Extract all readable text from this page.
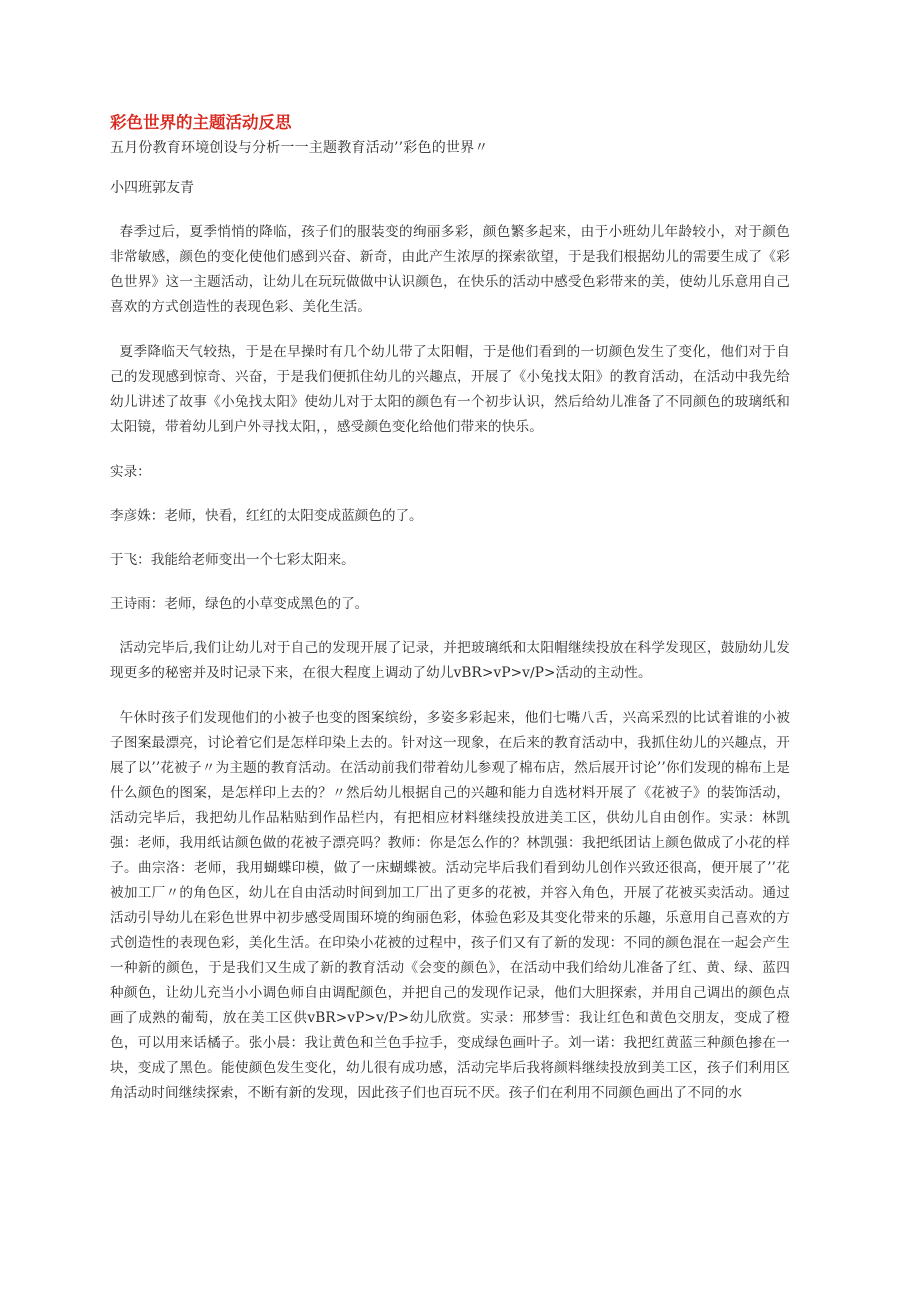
彩色世界的主题活动反思

五月份教育环境创设与分析一一主题教育活动’’彩色的世界〃

小四班郭友青

春季过后，夏季悄悄的降临，孩子们的服装变的绚丽多彩，颜色繁多起来，由于小班幼儿年龄较小，对于颜色非常敏感，颜色的变化使他们感到兴奋、新奇，由此产生浓厚的探索欲望，于是我们根据幼儿的需要生成了《彩色世界》这一主题活动，让幼儿在玩玩做做中认识颜色，在快乐的活动中感受色彩带来的美，使幼儿乐意用自己喜欢的方式创造性的表现色彩、美化生活。

夏季降临天气较热，于是在早操时有几个幼儿带了太阳帽，于是他们看到的一切颜色发生了变化，他们对于自己的发现感到惊奇、兴奋，于是我们便抓住幼儿的兴趣点，开展了《小兔找太阳》的教育活动，在活动中我先给幼儿讲述了故事《小兔找太阳》使幼儿对于太阳的颜色有一个初步认识，然后给幼儿准备了不同颜色的玻璃纸和太阳镜，带着幼儿到户外寻找太阳，，感受颜色变化给他们带来的快乐。

实录：

李彦姝：老师，快看，红红的太阳变成蓝颜色的了。

于飞：我能给老师变出一个七彩太阳来。

王诗雨：老师，绿色的小草变成黑色的了。

活动完毕后,我们让幼儿对于自己的发现开展了记录，并把玻璃纸和太阳帽继续投放在科学发现区，鼓励幼儿发现更多的秘密并及时记录下来，在很大程度上调动了幼儿vBR>vP>v∕P>活动的主动性。

午休时孩子们发现他们的小被子也变的图案缤纷，多姿多彩起来，他们七嘴八舌，兴高采烈的比试着谁的小被子图案最漂亮，讨论着它们是怎样印染上去的。针对这一现象，在后来的教育活动中，我抓住幼儿的兴趣点，开展了以’’花被子〃为主题的教育活动。在活动前我们带着幼儿参观了棉布店，然后展开讨论’’你们发现的棉布上是什么颜色的图案，是怎样印上去的？〃然后幼儿根据自己的兴趣和能力自选材料开展了《花被子》的装饰活动，活动完毕后，我把幼儿作品粘贴到作品栏内，有把相应材料继续投放进美工区，供幼儿自由创作。实录：林凯强：老师，我用纸诂颜色做的花被子漂亮吗？教师：你是怎么作的？林凯强：我把纸团诂上颜色做成了小花的样子。曲宗洛：老师，我用蝴蝶印模，做了一床蝴蝶被。活动完毕后我们看到幼儿创作兴致还很高，便开展了’’花被加工厂〃的角色区，幼儿在自由活动时间到加工厂出了更多的花被，并容入角色，开展了花被买卖活动。通过活动引导幼儿在彩色世界中初步感受周围环境的绚丽色彩，体验色彩及其变化带来的乐趣，乐意用自己喜欢的方式创造性的表现色彩，美化生活。在印染小花被的过程中，孩子们又有了新的发现：不同的颜色混在一起会产生一种新的颜色，于是我们又生成了新的教育活动《会变的颜色》，在活动中我们给幼儿准备了红、黄、绿、蓝四种颜色，让幼儿充当小小调色师自由调配颜色，并把自己的发现作记录，他们大胆探索，并用自己调出的颜色点画了成熟的葡萄，放在美工区供vBR>vP>v∕P>幼儿欣赏。实录：邢梦雪：我让红色和黄色交朋友，变成了橙色，可以用来话橘子。张小晨：我让黄色和兰色手拉手，变成绿色画叶子。刘一诺：我把红黄蓝三种颜色掺在一块，变成了黑色。能使颜色发生变化，幼儿很有成功感，活动完毕后我将颜料继续投放到美工区，孩子们利用区角活动时间继续探索，不断有新的发现，因此孩子们也百玩不厌。孩子们在利用不同颜色画出了不同的水
